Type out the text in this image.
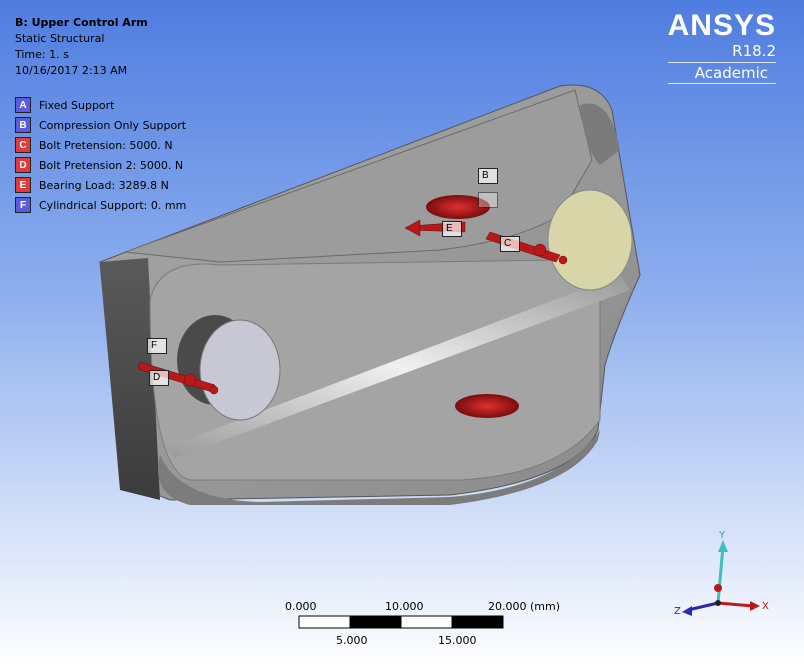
B
E
C
F
D
B: Upper Control Arm
Static Structural
Time: 1. s
10/16/2017 2:13 AM
A	Fixed Support
B	Compression Only Support
C	Bolt Pretension: 5000. N
D	Bolt Pretension 2: 5000. N
E	Bearing Load: 3289.8 N
F	Cylindrical Support: 0. mm
ANSYS
R18.2
Academic
0.000	10.000	20.000 (mm)
5.000	15.000
Y
X
Z
